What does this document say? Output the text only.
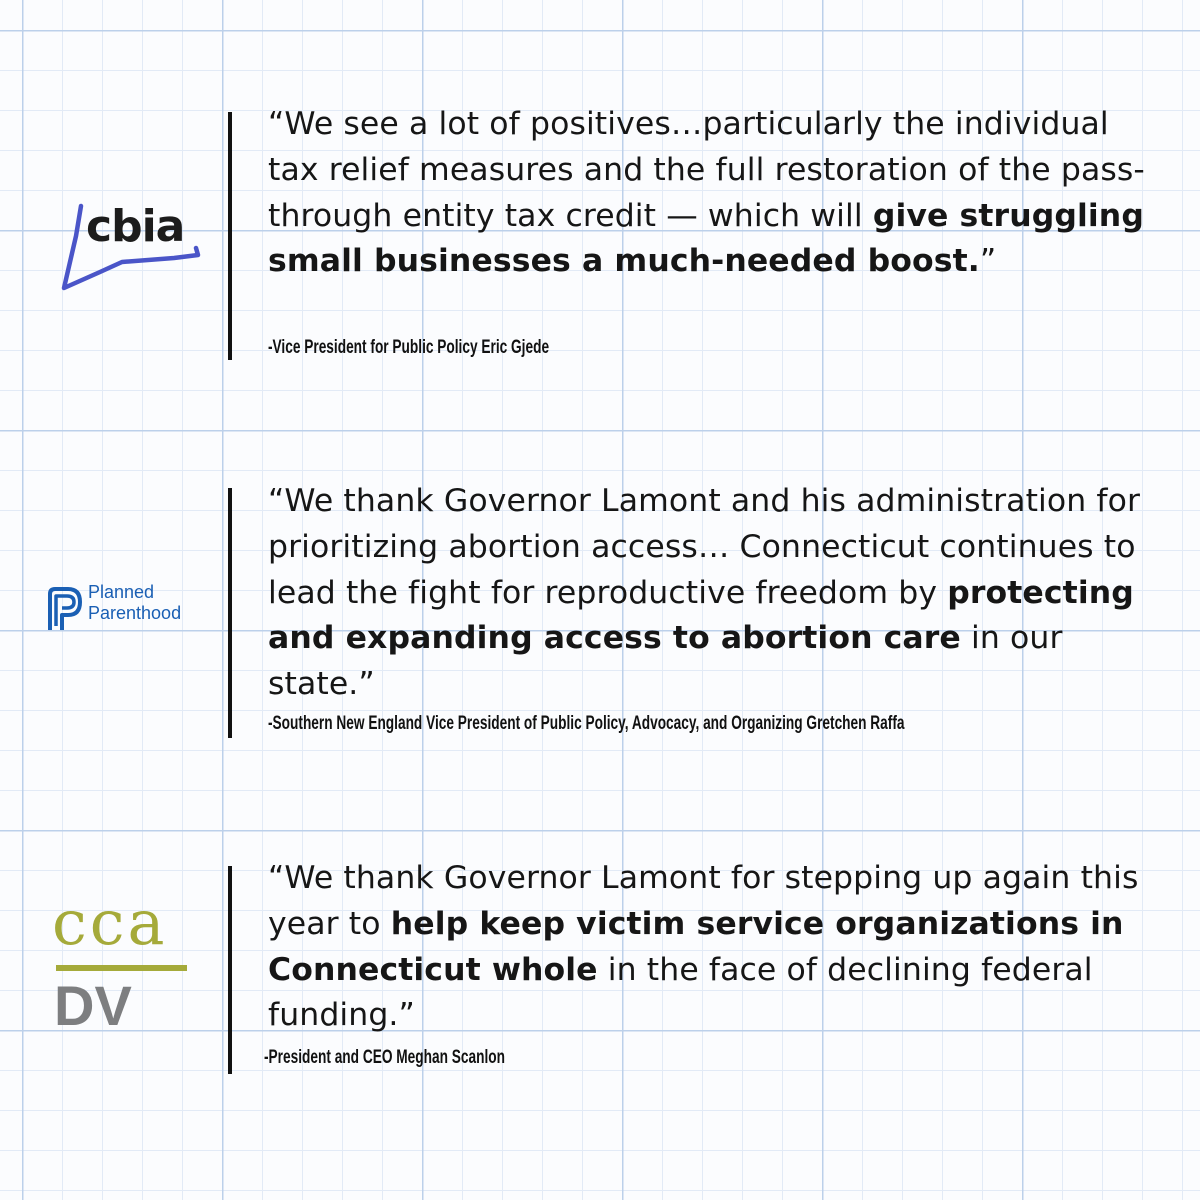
cbia

“We see a lot of positives…particularly the individual tax relief measures and the full restoration of the pass-through entity tax credit — which will give struggling small businesses a much-needed boost.”

-Vice President for Public Policy Eric Gjede

Planned
Parenthood

“We thank Governor Lamont and his administration for prioritizing abortion access… Connecticut continues to lead the fight for reproductive freedom by protecting and expanding access to abortion care in our state.”

-Southern New England Vice President of Public Policy, Advocacy, and Organizing Gretchen Raffa

cca
DV

“We thank Governor Lamont for stepping up again this year to help keep victim service organizations in Connecticut whole in the face of declining federal funding.”

-President and CEO Meghan Scanlon
